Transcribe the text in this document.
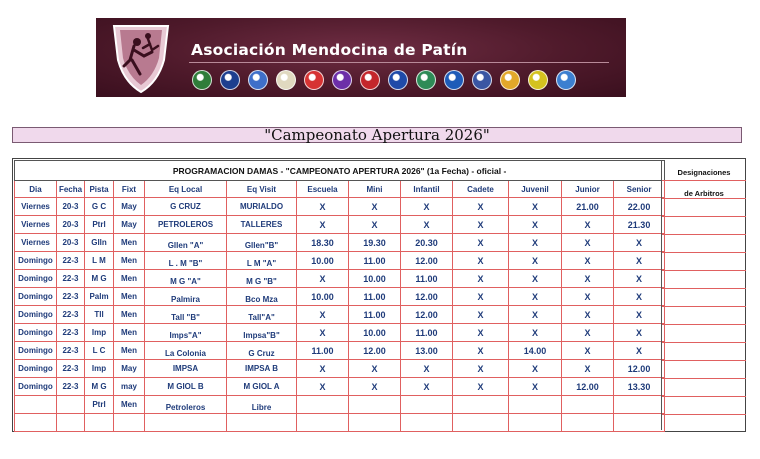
Asociación Mendocina de Patín
"Campeonato Apertura 2026"
PROGRAMACION DAMAS - "CAMPEONATO APERTURA 2026" (1a Fecha) - oficial -												
Dia	Fecha	Pista	Fixt	Eq Local	Eq Visit	Escuela	Mini	Infantil	Cadete	Juvenil	Junior	Senior
Viernes	20-3	G C	May	G CRUZ	MURIALDO	X	X	X	X	X	21.00	22.00
Viernes	20-3	Ptrl	May	PETROLEROS	TALLERES	X	X	X	X	X	X	21.30
Viernes	20-3	Glln	Men	Gllen "A"	Gllen"B"	18.30	19.30	20.30	X	X	X	X
Domingo	22-3	L M	Men	L . M "B"	L M "A"	10.00	11.00	12.00	X	X	X	X
Domingo	22-3	M G	Men	M G "A"	M G "B"	X	10.00	11.00	X	X	X	X
Domingo	22-3	Palm	Men	Palmira	Bco Mza	10.00	11.00	12.00	X	X	X	X
Domingo	22-3	Tll	Men	Tall "B"	Tall"A"	X	11.00	12.00	X	X	X	X
Domingo	22-3	Imp	Men	Imps"A"	Impsa"B"	X	10.00	11.00	X	X	X	X
Domingo	22-3	L C	Men	La Colonia	G Cruz	11.00	12.00	13.00	X	14.00	X	X
Domingo	22-3	Imp	May	IMPSA	IMPSA B	X	X	X	X	X	X	12.00
Domingo	22-3	M G	may	M GIOL B	M GIOL A	X	X	X	X	X	12.00	13.30
		Ptrl	Men	Petroleros	Libre							

Designaciones
de Arbitros
